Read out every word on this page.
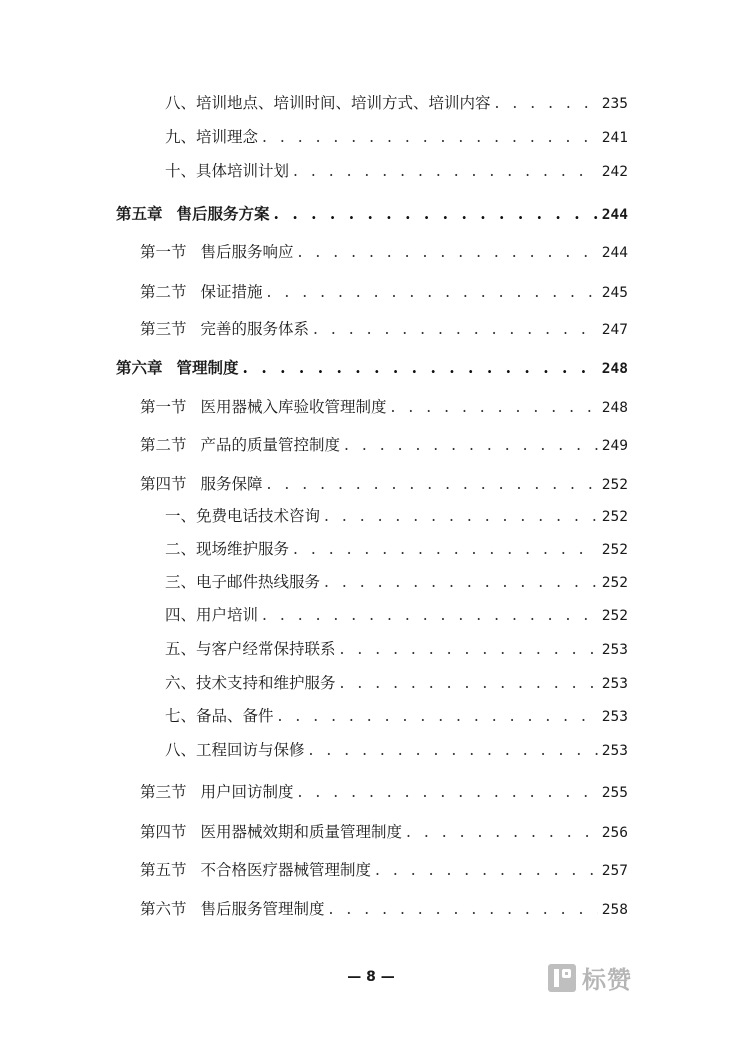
八、培训地点、培训时间、培训方式、培训内容 . . .	235
九、培训理念 . . .	241
十、具体培训计划 . . .	242
第五章 售后服务方案 . . .	244
第一节 售后服务响应 . . .	244
第二节 保证措施 . . .	245
第三节 完善的服务体系 . . .	247
第六章 管理制度 . . .	248
第一节 医用器械入库验收管理制度 . . .	248
第二节 产品的质量管控制度 . . .	249
第四节 服务保障 . . .	252
一、免费电话技术咨询 . . .	252
二、现场维护服务 . . .	252
三、电子邮件热线服务 . . .	252
四、用户培训 . . .	252
五、与客户经常保持联系 . . .	253
六、技术支持和维护服务 . . .	253
七、备品、备件 . . .	253
八、工程回访与保修 . . .	253
第三节 用户回访制度 . . .	255
第四节 医用器械效期和质量管理制度 . . .	256
第五节 不合格医疗器械管理制度 . . .	257
第六节 售后服务管理制度 . . .	258
— 8 —	标赞
